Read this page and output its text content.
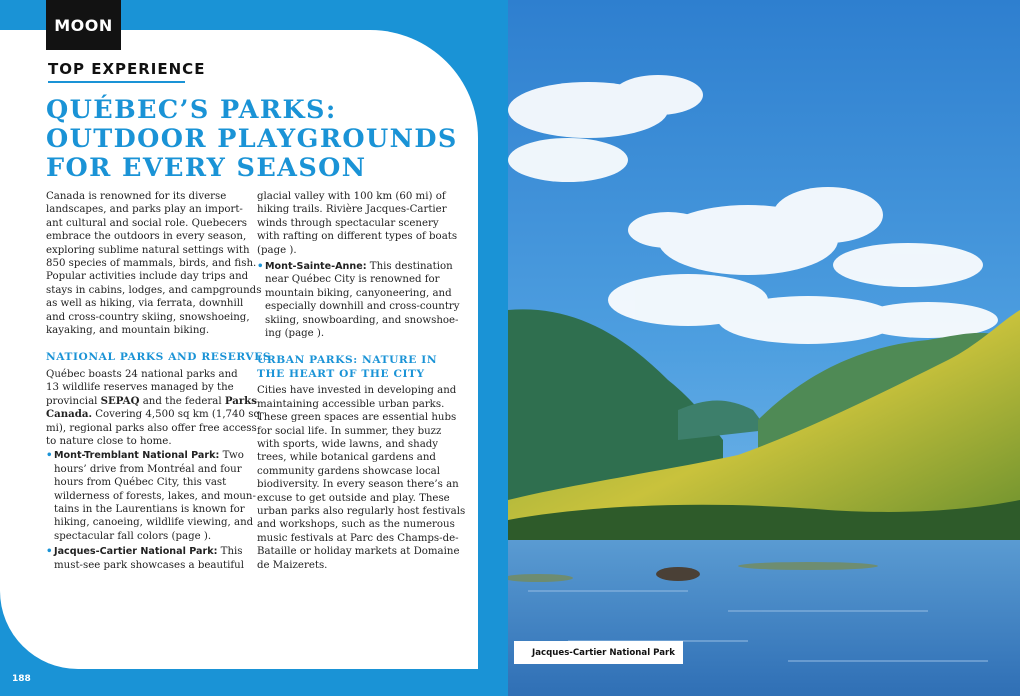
MOON
188
TOP EXPERIENCE
QUÉBEC’S PARKS:
OUTDOOR PLAYGROUNDS
FOR EVERY SEASON

Canada is renowned for its diverse
landscapes, and parks play an import-
ant cultural and social role. Quebecers
embrace the outdoors in every season,
exploring sublime natural settings with
850 species of mammals, birds, and fish.
Popular activities include day trips and
stays in cabins, lodges, and campgrounds
as well as hiking, via ferrata, downhill
and cross-country skiing, snowshoeing,
kayaking, and mountain biking.

NATIONAL PARKS AND RESERVES

Québec boasts 24 national parks and
13 wildlife reserves managed by the
provincial SEPAQ and the federal Parks
Canada. Covering 4,500 sq km (1,740 sq
mi), regional parks also offer free access
to nature close to home.

• Mont-Tremblant National Park: Two
hours’ drive from Montréal and four
hours from Québec City, this vast
wilderness of forests, lakes, and moun-
tains in the Laurentians is known for
hiking, canoeing, wildlife viewing, and
spectacular fall colors (page ).
• Jacques-Cartier National Park: This
must-see park showcases a beautiful

glacial valley with 100 km (60 mi) of
hiking trails. Rivière Jacques-Cartier
winds through spectacular scenery
with rafting on different types of boats
(page ).

• Mont-Sainte-Anne: This destination
near Québec City is renowned for
mountain biking, canyoneering, and
especially downhill and cross-country
skiing, snowboarding, and snowshoe-
ing (page ).
URBAN PARKS: NATURE IN
THE HEART OF THE CITY

Cities have invested in developing and
maintaining accessible urban parks.
These green spaces are essential hubs
for social life. In summer, they buzz
with sports, wide lawns, and shady
trees, while botanical gardens and
community gardens showcase local
biodiversity. In every season there’s an
excuse to get outside and play. These
urban parks also regularly host festivals
and workshops, such as the numerous
music festivals at Parc des Champs-de-
Bataille or holiday markets at Domaine
de Maizerets.

Jacques-Cartier National Park
